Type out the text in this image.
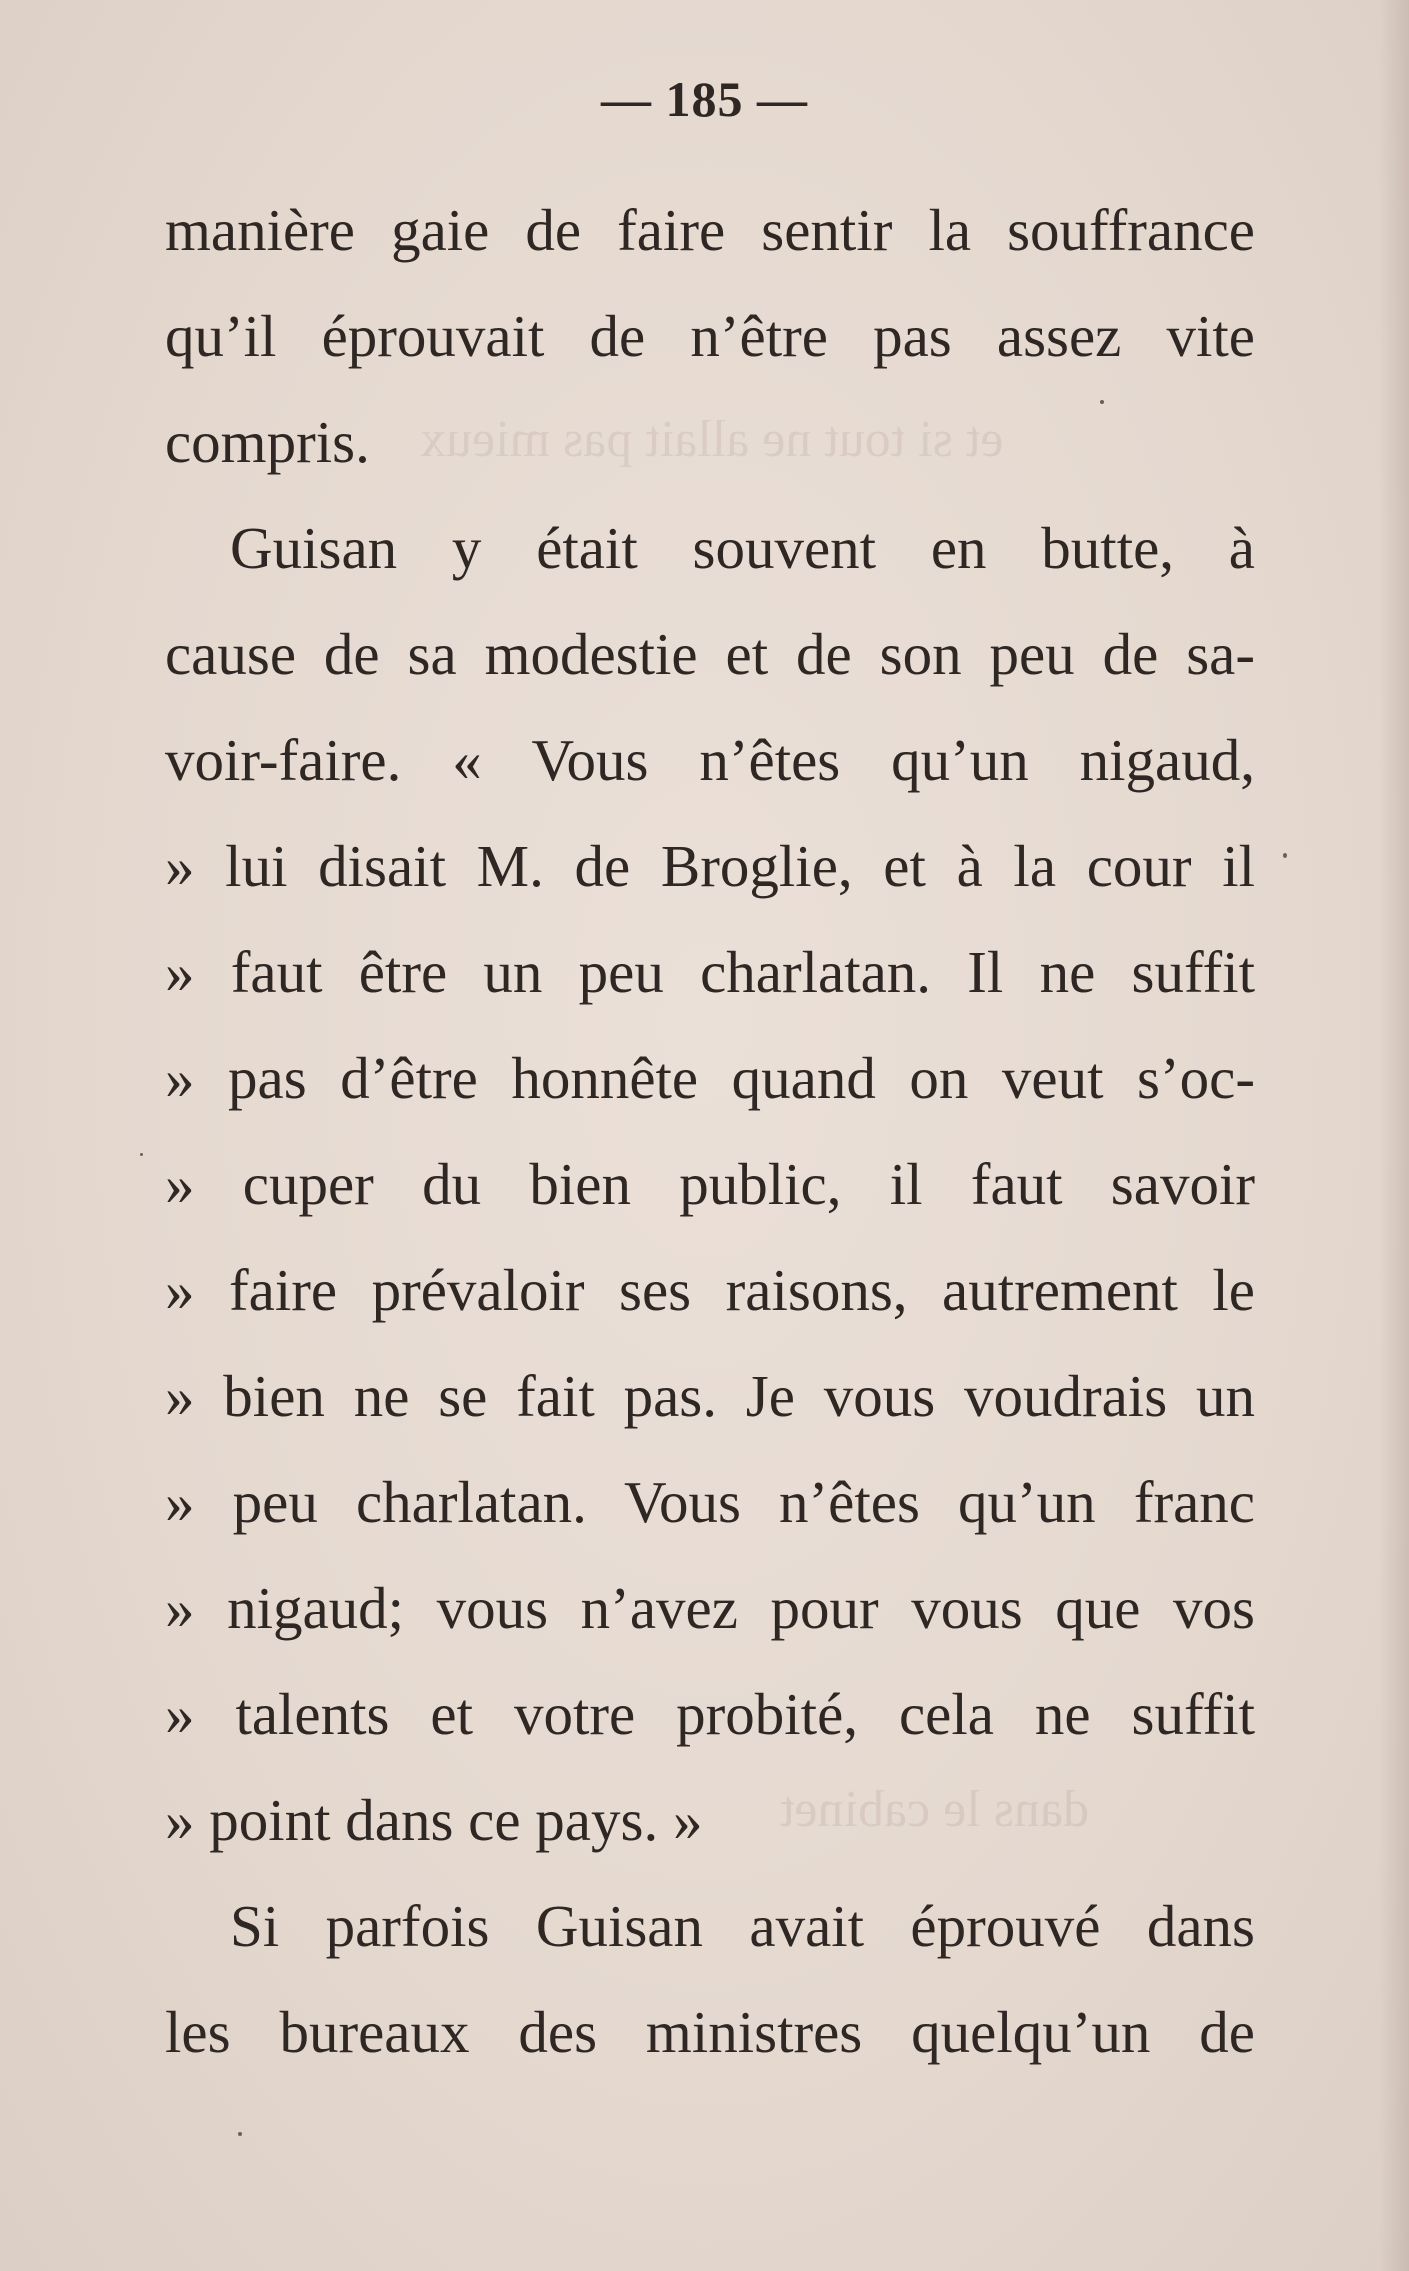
et si tout ne allait pas mieux
dans le cabinet
— 185 —
manière gaie de faire sentir la souffrance
qu’il éprouvait de n’être pas assez vite
compris.
Guisan y était souvent en butte, à
cause de sa modestie et de son peu de sa-
voir-faire. « Vous n’êtes qu’un nigaud,
» lui disait M. de Broglie, et à la cour il
» faut être un peu charlatan. Il ne suffit
» pas d’être honnête quand on veut s’oc-
» cuper du bien public, il faut savoir
» faire prévaloir ses raisons, autrement le
» bien ne se fait pas. Je vous voudrais un
» peu charlatan. Vous n’êtes qu’un franc
» nigaud; vous n’avez pour vous que vos
» talents et votre probité, cela ne suffit
» point dans ce pays. »
Si parfois Guisan avait éprouvé dans
les bureaux des ministres quelqu’un de
